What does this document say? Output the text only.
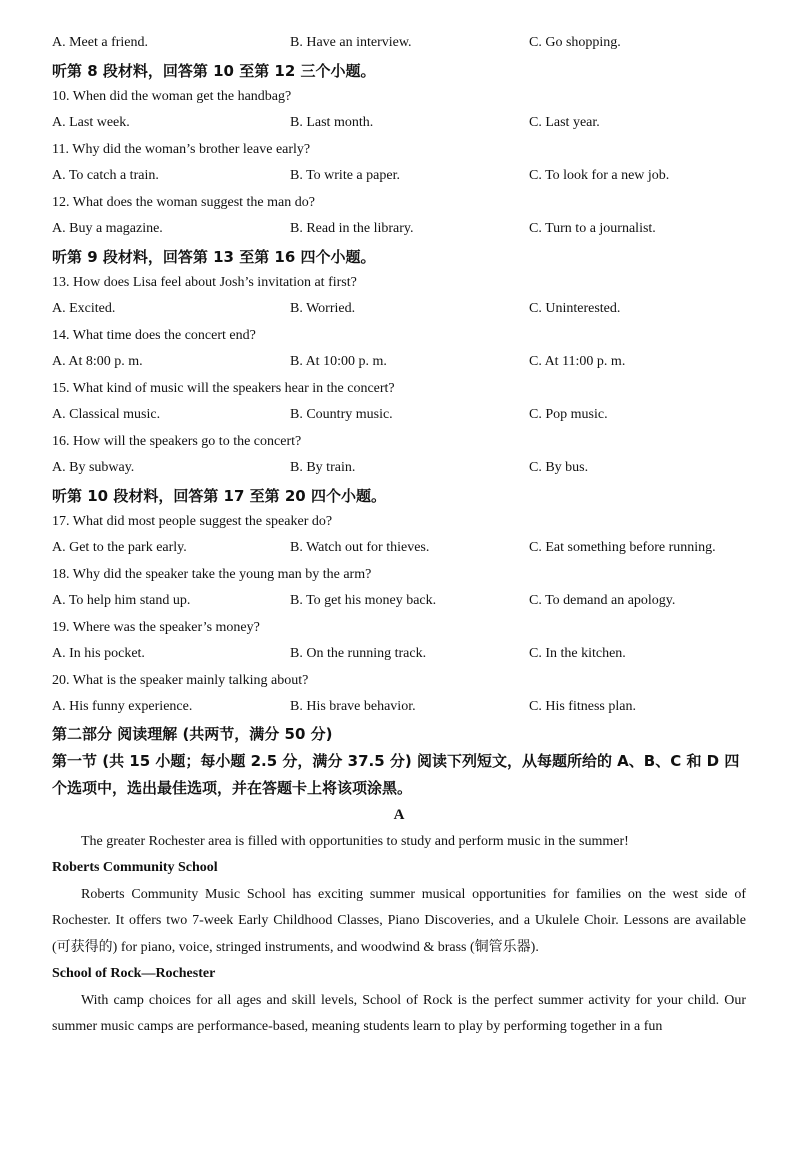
A. Meet a friend.	B. Have an interview.	C. Go shopping.
听第 8 段材料，回答第 10 至第 12 三个小题。
10. When did the woman get the handbag?
A. Last week.	B. Last month.	C. Last year.
11. Why did the woman’s brother leave early?
A. To catch a train.	B. To write a paper.	C. To look for a new job.
12. What does the woman suggest the man do?
A. Buy a magazine.	B. Read in the library.	C. Turn to a journalist.
听第 9 段材料，回答第 13 至第 16 四个小题。
13. How does Lisa feel about Josh’s invitation at first?
A. Excited.	B. Worried.	C. Uninterested.
14. What time does the concert end?
A. At 8:00 p. m.	B. At 10:00 p. m.	C. At 11:00 p. m.
15. What kind of music will the speakers hear in the concert?
A. Classical music.	B. Country music.	C. Pop music.
16. How will the speakers go to the concert?
A. By subway.	B. By train.	C. By bus.
听第 10 段材料，回答第 17 至第 20 四个小题。
17. What did most people suggest the speaker do?
A. Get to the park early.	B. Watch out for thieves.	C. Eat something before running.
18. Why did the speaker take the young man by the arm?
A. To help him stand up.	B. To get his money back.	C. To demand an apology.
19. Where was the speaker’s money?
A. In his pocket.	B. On the running track.	C. In the kitchen.
20. What is the speaker mainly talking about?
A. His funny experience.	B. His brave behavior.	C. His fitness plan.
第二部分 阅读理解 (共两节，满分 50 分)
第一节 (共 15 小题；每小题 2.5 分，满分 37.5 分) 阅读下列短文，从每题所给的 A、B、C 和 D 四个选项中，选出最佳选项，并在答题卡上将该项涂黑。
A

The greater Rochester area is filled with opportunities to study and perform music in the summer!

Roberts Community School

Roberts Community Music School has exciting summer musical opportunities for families on the west side of Rochester. It offers two 7-week Early Childhood Classes, Piano Discoveries, and a Ukulele Choir. Lessons are available (可获得的) for piano, voice, stringed instruments, and woodwind & brass (铜管乐器).

School of Rock—Rochester

With camp choices for all ages and skill levels, School of Rock is the perfect summer activity for your child. Our summer music camps are performance-based, meaning students learn to play by performing together in a fun
